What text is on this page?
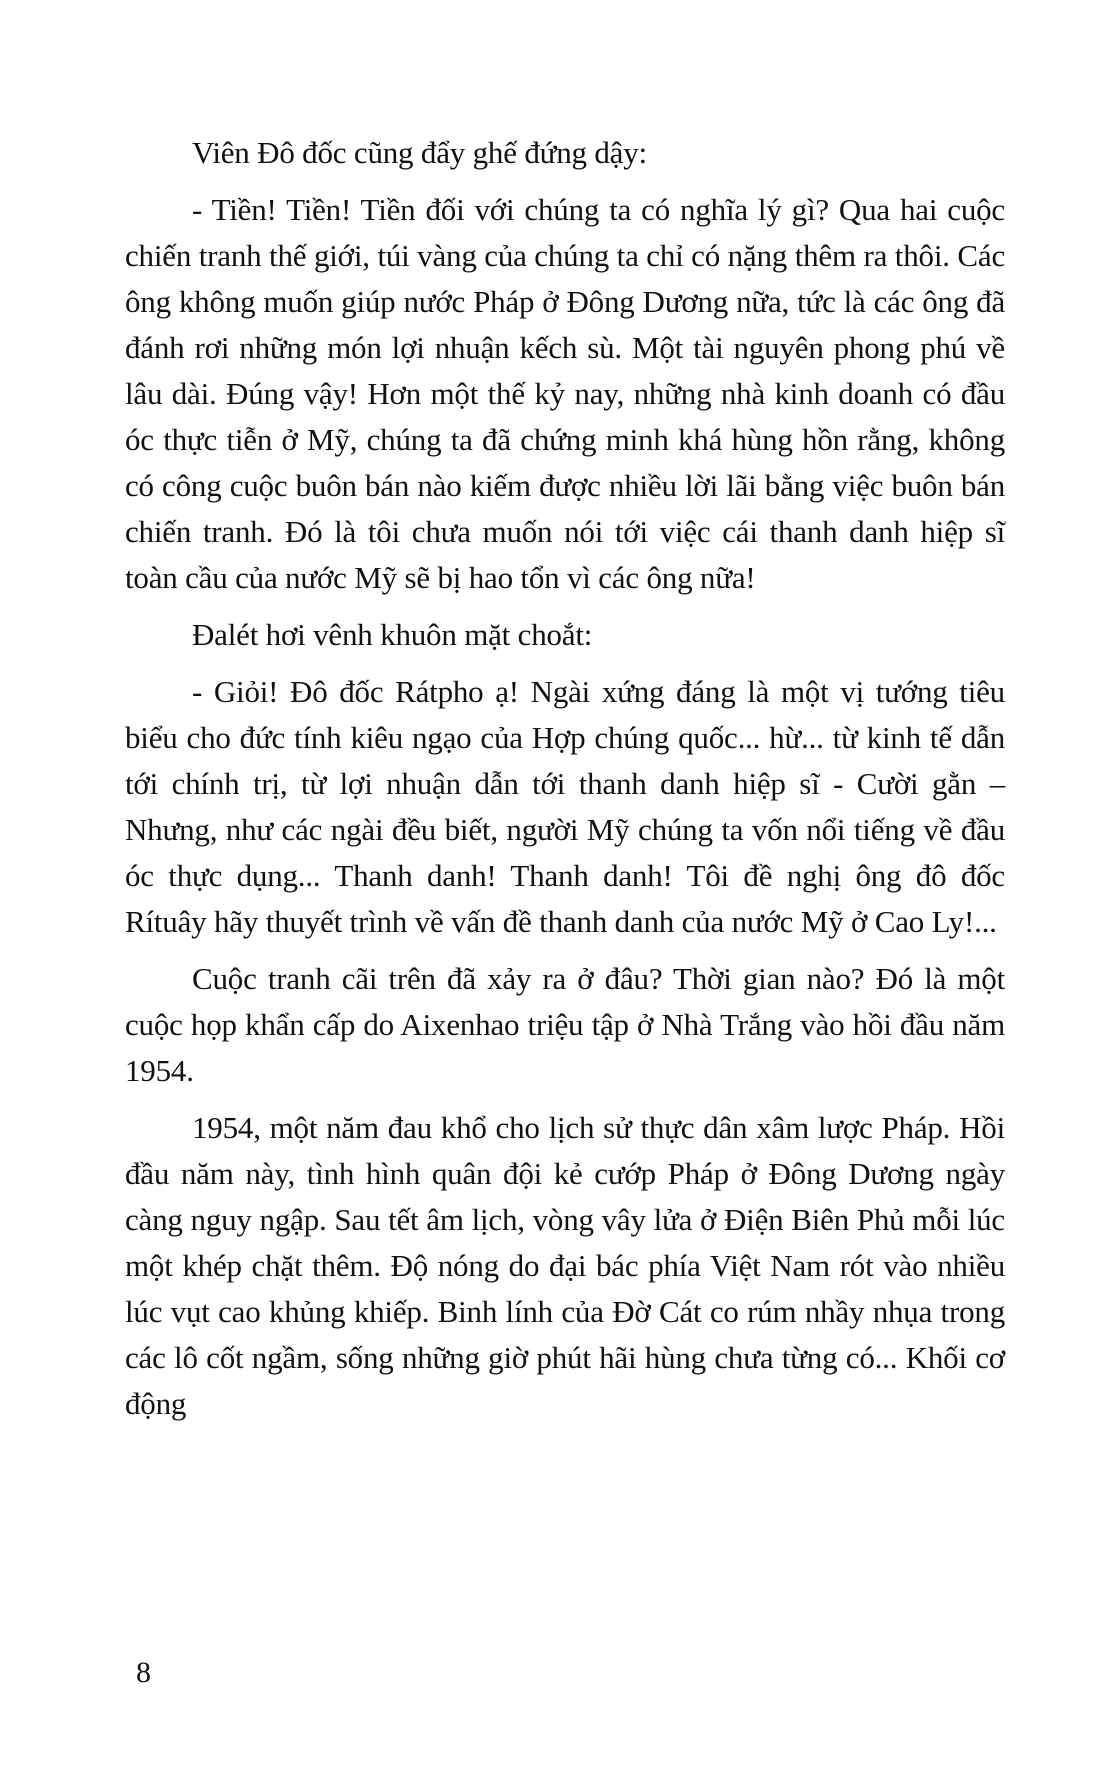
Viên Đô đốc cũng đẩy ghế đứng dậy:

- Tiền! Tiền! Tiền đối với chúng ta có nghĩa lý gì? Qua hai cuộc chiến tranh thế giới, túi vàng của chúng ta chỉ có nặng thêm ra thôi. Các ông không muốn giúp nước Pháp ở Đông Dương nữa, tức là các ông đã đánh rơi những món lợi nhuận kếch sù. Một tài nguyên phong phú về lâu dài. Đúng vậy! Hơn một thế kỷ nay, những nhà kinh doanh có đầu óc thực tiễn ở Mỹ, chúng ta đã chứng minh khá hùng hồn rằng, không có công cuộc buôn bán nào kiếm được nhiều lời lãi bằng việc buôn bán chiến tranh. Đó là tôi chưa muốn nói tới việc cái thanh danh hiệp sĩ toàn cầu của nước Mỹ sẽ bị hao tổn vì các ông nữa!

Đalét hơi vênh khuôn mặt choắt:

- Giỏi! Đô đốc Rátpho ạ! Ngài xứng đáng là một vị tướng tiêu biểu cho đức tính kiêu ngạo của Hợp chúng quốc... hừ... từ kinh tế dẫn tới chính trị, từ lợi nhuận dẫn tới thanh danh hiệp sĩ - Cười gằn – Nhưng, như các ngài đều biết, người Mỹ chúng ta vốn nổi tiếng về đầu óc thực dụng... Thanh danh! Thanh danh! Tôi đề nghị ông đô đốc Rítuây hãy thuyết trình về vấn đề thanh danh của nước Mỹ ở Cao Ly!...

Cuộc tranh cãi trên đã xảy ra ở đâu? Thời gian nào? Đó là một cuộc họp khẩn cấp do Aixenhao triệu tập ở Nhà Trắng vào hồi đầu năm 1954.

1954, một năm đau khổ cho lịch sử thực dân xâm lược Pháp. Hồi đầu năm này, tình hình quân đội kẻ cướp Pháp ở Đông Dương ngày càng nguy ngập. Sau tết âm lịch, vòng vây lửa ở Điện Biên Phủ mỗi lúc một khép chặt thêm. Độ nóng do đại bác phía Việt Nam rót vào nhiều lúc vụt cao khủng khiếp. Binh lính của Đờ Cát co rúm nhầy nhụa trong các lô cốt ngầm, sống những giờ phút hãi hùng chưa từng có... Khối cơ động

8
